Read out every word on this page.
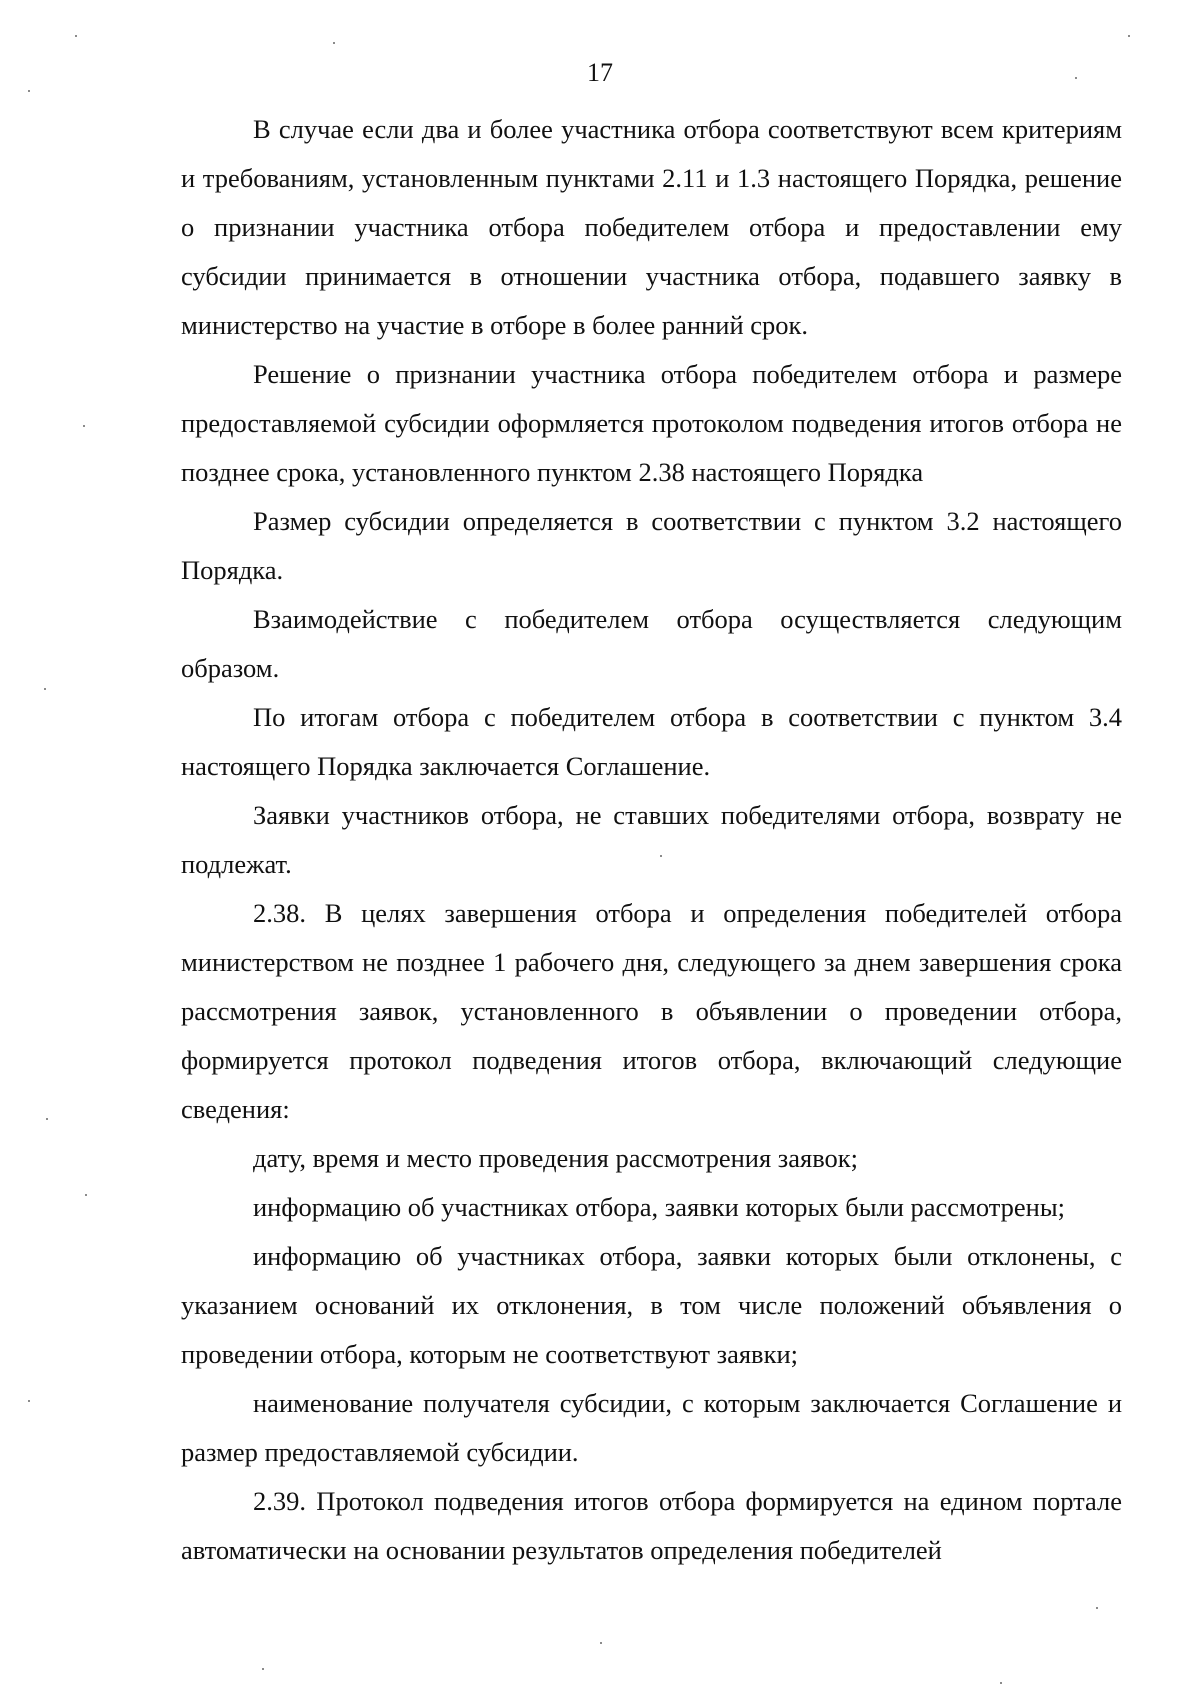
17

В случае если два и более участника отбора соответствуют всем критериям и требованиям, установленным пунктами 2.11 и 1.3 настоящего Порядка, решение о признании участника отбора победителем отбора и предоставлении ему субсидии принимается в отношении участника отбора, подавшего заявку в министерство на участие в отборе в более ранний срок.

Решение о признании участника отбора победителем отбора и размере предоставляемой субсидии оформляется протоколом подведения итогов отбора не позднее срока, установленного пунктом 2.38 настоящего Порядка

Размер субсидии определяется в соответствии с пунктом 3.2 настоящего Порядка.

Взаимодействие с победителем отбора осуществляется следующим образом.

По итогам отбора с победителем отбора в соответствии с пунктом 3.4 настоящего Порядка заключается Соглашение.

Заявки участников отбора, не ставших победителями отбора, возврату не подлежат.

2.38. В целях завершения отбора и определения победителей отбора министерством не позднее 1 рабочего дня, следующего за днем завершения срока рассмотрения заявок, установленного в объявлении о проведении отбора, формируется протокол подведения итогов отбора, включающий следующие сведения:

дату, время и место проведения рассмотрения заявок;

информацию об участниках отбора, заявки которых были рассмотрены;

информацию об участниках отбора, заявки которых были отклонены, с указанием оснований их отклонения, в том числе положений объявления о проведении отбора, которым не соответствуют заявки;

наименование получателя субсидии, с которым заключается Соглашение и размер предоставляемой субсидии.

2.39. Протокол подведения итогов отбора формируется на едином портале автоматически на основании результатов определения победителей
